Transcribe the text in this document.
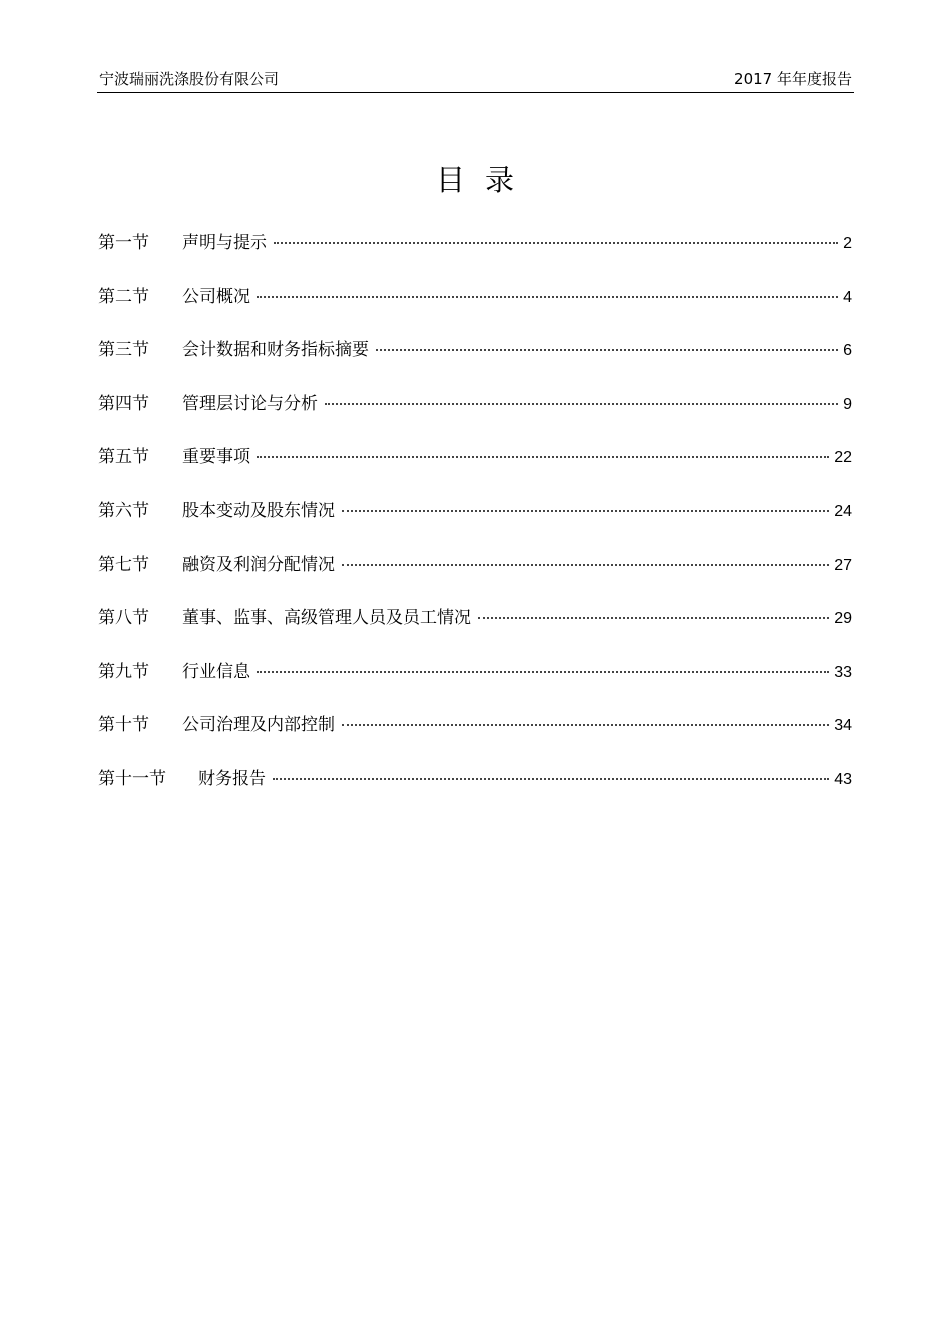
宁波瑞丽洗涤股份有限公司	2017 年年度报告
目录
第一节	声明与提示	2
第二节	公司概况	4
第三节	会计数据和财务指标摘要	6
第四节	管理层讨论与分析	9
第五节	重要事项	22
第六节	股本变动及股东情况	24
第七节	融资及利润分配情况	27
第八节	董事、监事、高级管理人员及员工情况	29
第九节	行业信息	33
第十节	公司治理及内部控制	34
第十一节	财务报告	43
